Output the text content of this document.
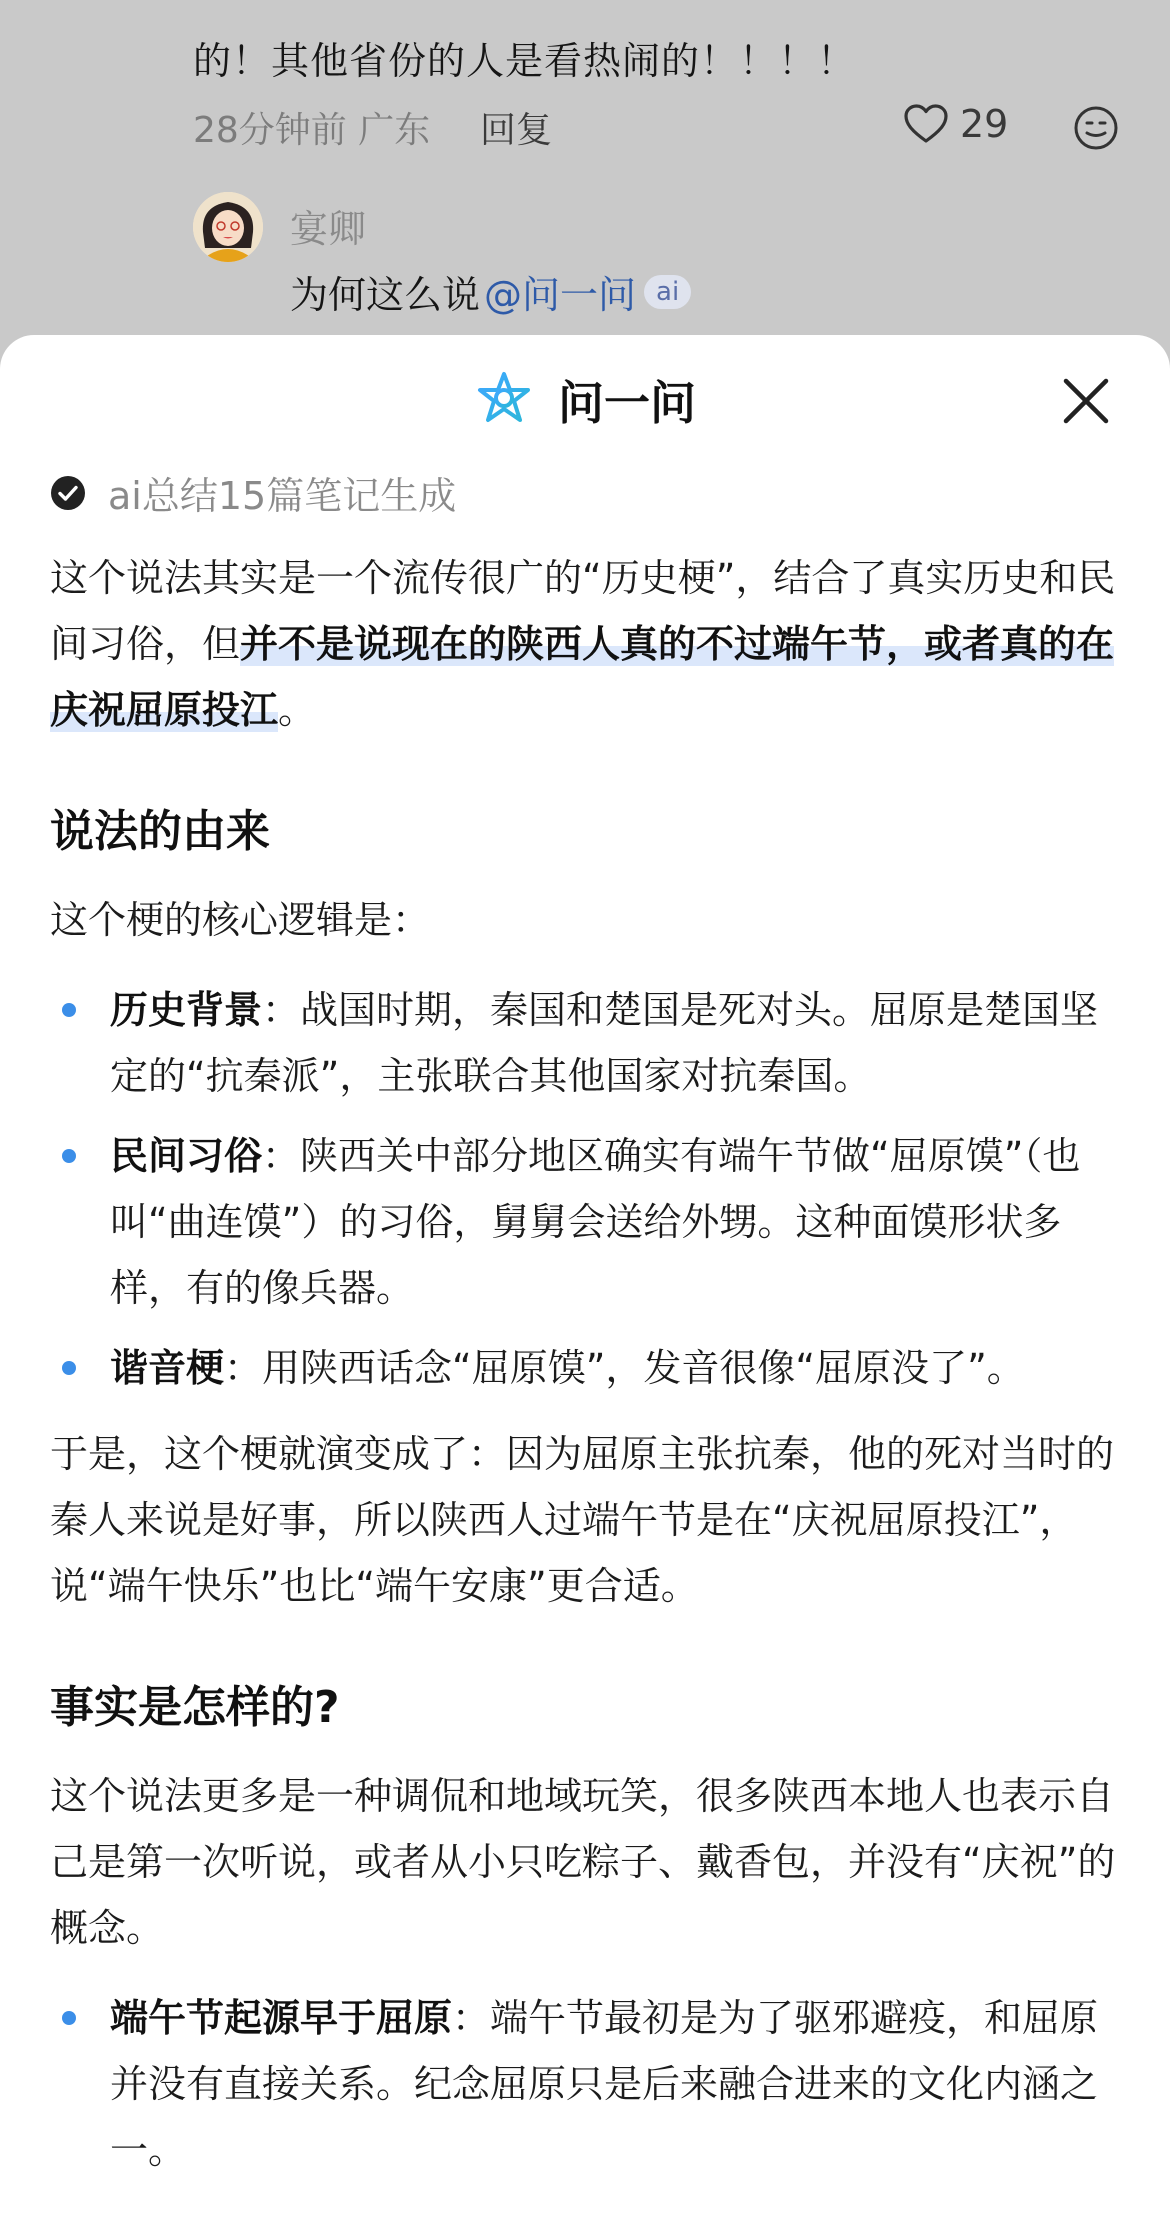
的！其他省份的人是看热闹的！！！！
28分钟前 广东 回复	29
宴卿
为何这么说 @问一问 ai
问一问
ai总结15篇笔记生成

这个说法其实是一个流传很广的“历史梗”，结合了真实历史和民间习俗，但并不是说现在的陕西人真的不过端午节，或者真的在庆祝屈原投江。

说法的由来

这个梗的核心逻辑是：

历史背景：战国时期，秦国和楚国是死对头。屈原是楚国坚定的“抗秦派”，主张联合其他国家对抗秦国。
民间习俗：陕西关中部分地区确实有端午节做“屈原馍”（也叫“曲连馍”）的习俗，舅舅会送给外甥。这种面馍形状多样，有的像兵器。
谐音梗：用陕西话念“屈原馍”，发音很像“屈原没了”。

于是，这个梗就演变成了：因为屈原主张抗秦，他的死对当时的秦人来说是好事，所以陕西人过端午节是在“庆祝屈原投江”，说“端午快乐”也比“端午安康”更合适。

事实是怎样的?

这个说法更多是一种调侃和地域玩笑，很多陕西本地人也表示自己是第一次听说，或者从小只吃粽子、戴香包，并没有“庆祝”的概念。

端午节起源早于屈原：端午节最初是为了驱邪避疫，和屈原并没有直接关系。纪念屈原只是后来融合进来的文化内涵之一。
